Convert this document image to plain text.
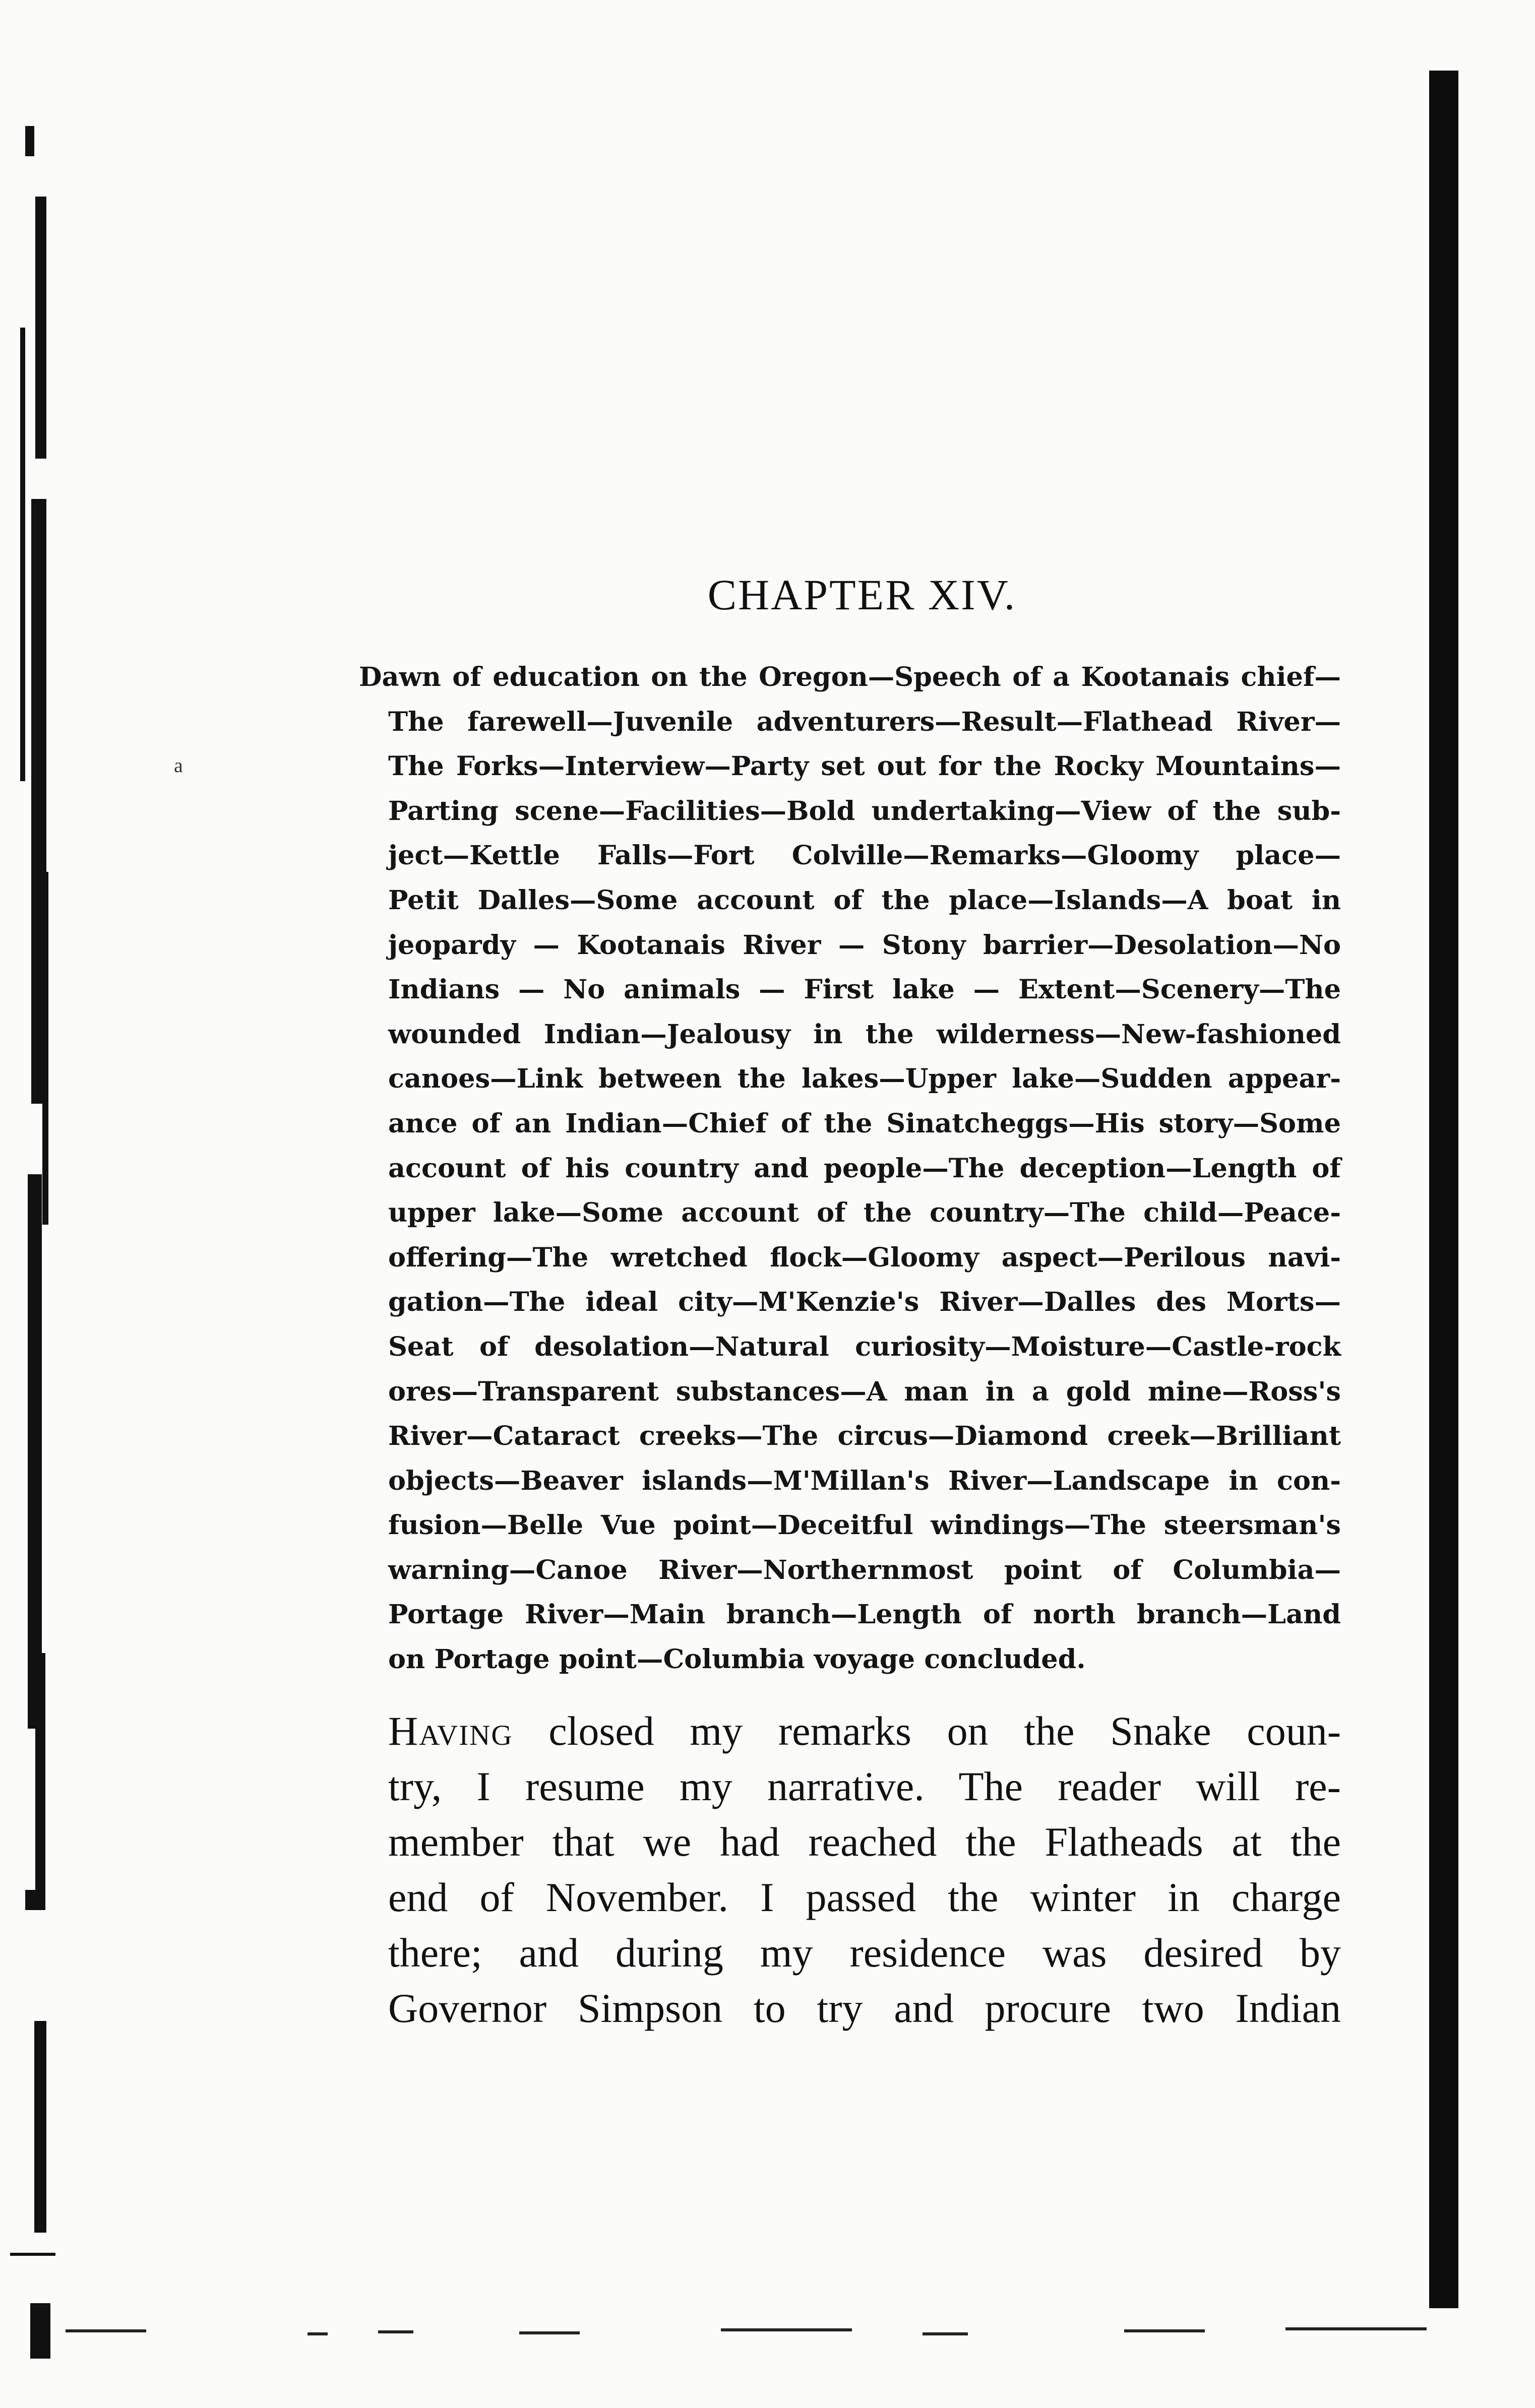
a
CHAPTER XIV.
Dawn of education on the Oregon—Speech of a Kootanais chief—
The farewell—Juvenile adventurers—Result—Flathead River—
The Forks—Interview—Party set out for the Rocky Mountains—
Parting scene—Facilities—Bold undertaking—View of the sub-
ject—Kettle Falls—Fort Colville—Remarks—Gloomy place—
Petit Dalles—Some account of the place—Islands—A boat in
jeopardy — Kootanais River — Stony barrier—Desolation—No
Indians — No animals — First lake — Extent—Scenery—The
wounded Indian—Jealousy in the wilderness—New-fashioned
canoes—Link between the lakes—Upper lake—Sudden appear-
ance of an Indian—Chief of the Sinatcheggs—His story—Some
account of his country and people—The deception—Length of
upper lake—Some account of the country—The child—Peace-
offering—The wretched flock—Gloomy aspect—Perilous navi-
gation—The ideal city—M'Kenzie's River—Dalles des Morts—
Seat of desolation—Natural curiosity—Moisture—Castle-rock
ores—Transparent substances—A man in a gold mine—Ross's
River—Cataract creeks—The circus—Diamond creek—Brilliant
objects—Beaver islands—M'Millan's River—Landscape in con-
fusion—Belle Vue point—Deceitful windings—The steersman's
warning—Canoe River—Northernmost point of Columbia—
Portage River—Main branch—Length of north branch—Land
on Portage point—Columbia voyage concluded.
Having closed my remarks on the Snake coun-
try, I resume my narrative. The reader will re-
member that we had reached the Flatheads at the
end of November. I passed the winter in charge
there; and during my residence was desired by
Governor Simpson to try and procure two Indian
